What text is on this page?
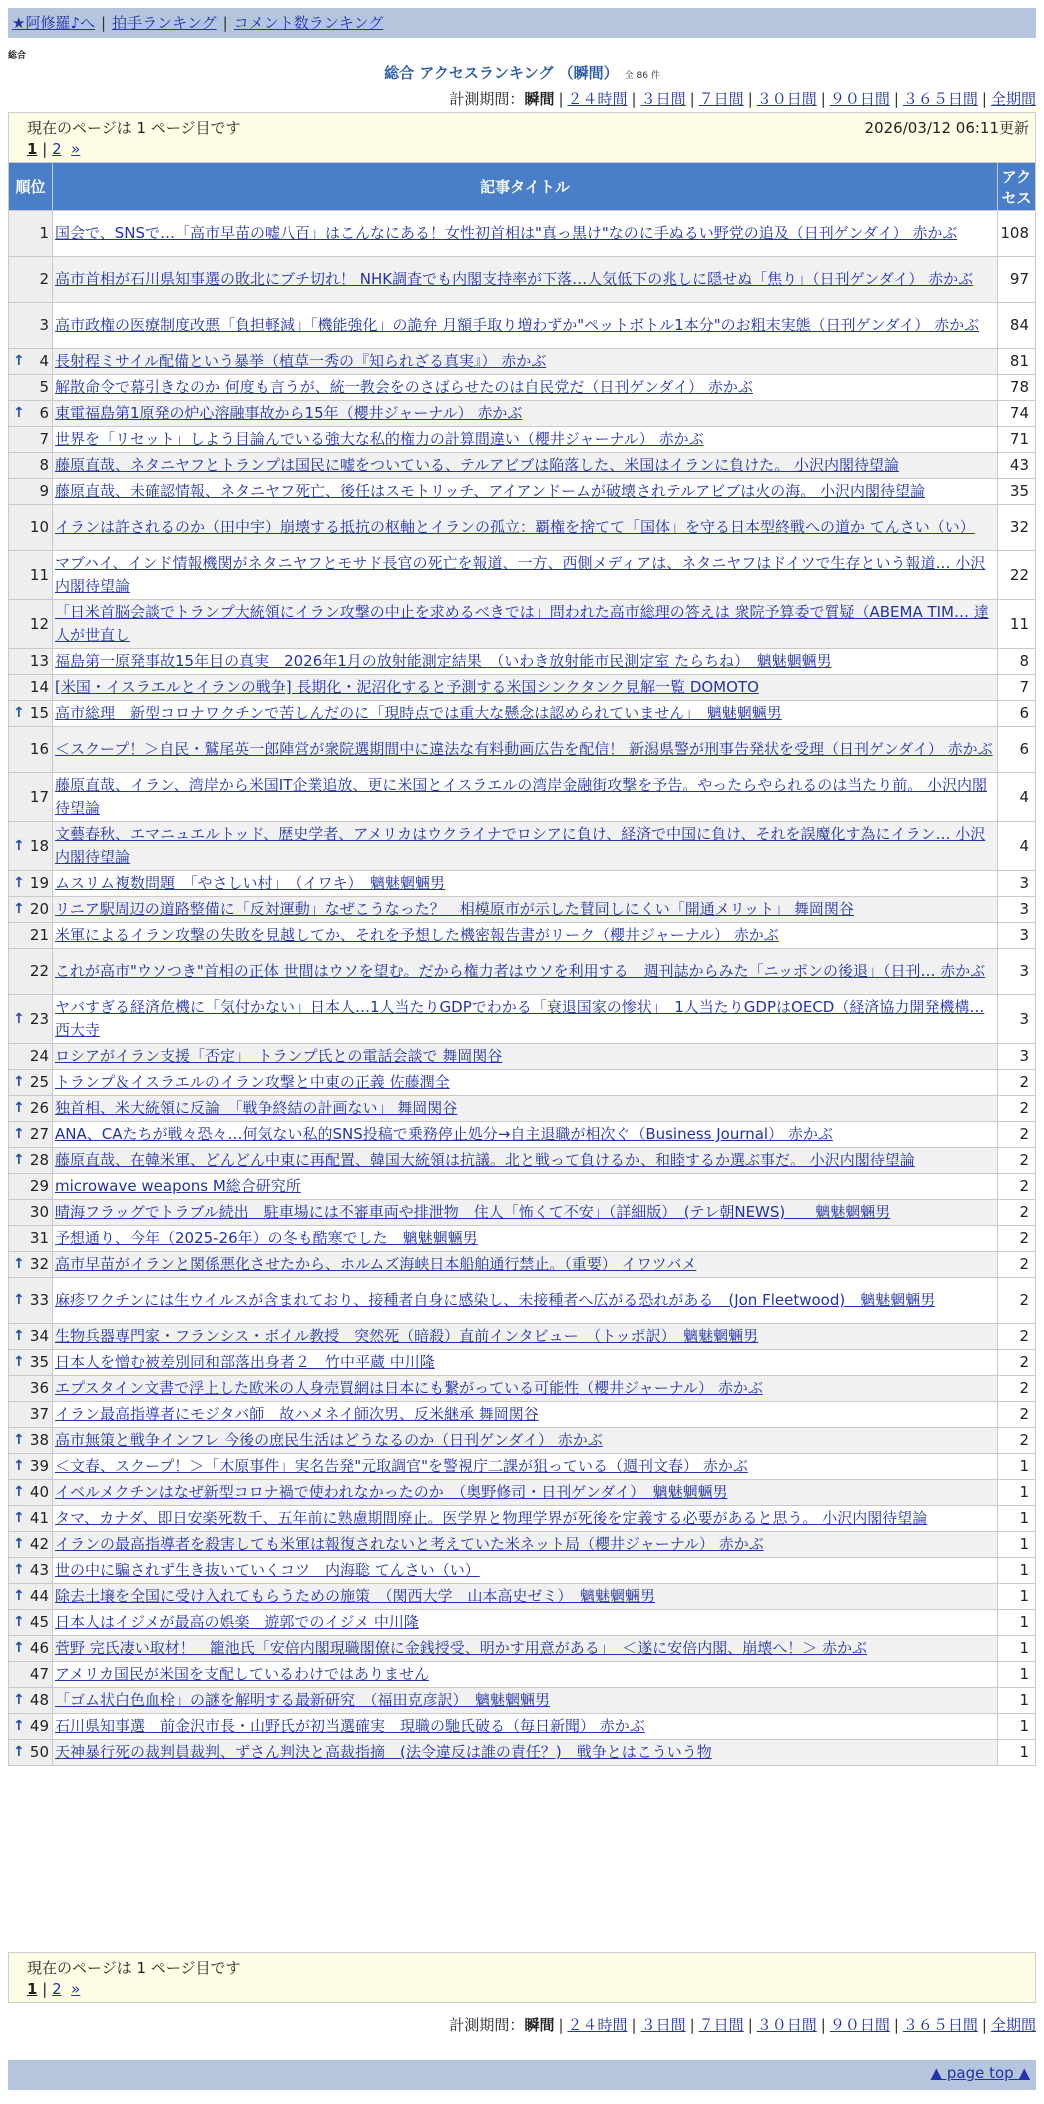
★阿修羅♪へ | 拍手ランキング | コメント数ランキング
総合
総合 アクセスランキング （瞬間） 全 86 件
計測期間：瞬間 | ２４時間 | ３日間 | ７日間 | ３０日間 | ９０日間 | ３６５日間 | 全期間
現在のページは 1 ページ目です
1 | 2 »
2026/03/12 06:11更新
順位	記事タイトル	アクセス
1	国会で、SNSで…「高市早苗の嘘八百」はこんなにある！女性初首相は"真っ黒け"なのに手ぬるい野党の追及（日刊ゲンダイ） 赤かぶ	108
2	高市首相が石川県知事選の敗北にブチ切れ！ NHK調査でも内閣支持率が下落…人気低下の兆しに隠せぬ「焦り」（日刊ゲンダイ） 赤かぶ	97
3	高市政権の医療制度改悪「負担軽減」「機能強化」の詭弁 月額手取り増わずか"ペットボトル1本分"のお粗末実態（日刊ゲンダイ） 赤かぶ	84

↑ 4	長射程ミサイル配備という暴挙（植草一秀の『知られざる真実』） 赤かぶ	81
5	解散命令で幕引きなのか 何度も言うが、統一教会をのさばらせたのは自民党だ（日刊ゲンダイ） 赤かぶ	78

↑ 6	東電福島第1原発の炉心溶融事故から15年（櫻井ジャーナル） 赤かぶ	74
7	世界を「リセット」しよう目論んでいる強大な私的権力の計算間違い（櫻井ジャーナル） 赤かぶ	71
8	藤原直哉、ネタニヤフとトランプは国民に嘘をついている、テルアビブは陥落した、米国はイランに負けた。 小沢内閣待望論	43
9	藤原直哉、未確認情報、ネタニヤフ死亡、後任はスモトリッチ、アイアンドームが破壊されテルアビブは火の海。 小沢内閣待望論	35
10	イランは許されるのか（田中宇）崩壊する抵抗の枢軸とイランの孤立：覇権を捨てて「国体」を守る日本型終戦への道か てんさい（い）	32
11	マブハイ、インド情報機関がネタニヤフとモサド長官の死亡を報道、一方、西側メディアは、ネタニヤフはドイツで生存という報道… 小沢内閣待望論	22
12	「日米首脳会談でトランプ大統領にイラン攻撃の中止を求めるべきでは」問われた高市総理の答えは 衆院予算委で質疑（ABEMA TIM… 達人が世直し	11
13	福島第一原発事故15年目の真実　2026年1月の放射能測定結果　（いわき放射能市民測定室 たらちね）　魑魅魍魎男	8
14	[米国・イスラエルとイランの戦争] 長期化・泥沼化すると予測する米国シンクタンク見解一覧 DOMOTO	7

↑ 15	高市総理　新型コロナワクチンで苦しんだのに「現時点では重大な懸念は認められていません」　魑魅魍魎男	6
16	＜スクープ！＞自民・鷲尾英一郎陣営が衆院選期間中に違法な有料動画広告を配信！ 新潟県警が刑事告発状を受理（日刊ゲンダイ） 赤かぶ	6
17	藤原直哉、イラン、湾岸から米国IT企業追放、更に米国とイスラエルの湾岸金融街攻撃を予告。やったらやられるのは当たり前。 小沢内閣待望論	4

↑ 18	文藝春秋、エマニュエルトッド、歴史学者、アメリカはウクライナでロシアに負け、経済で中国に負け、それを誤魔化す為にイラン… 小沢内閣待望論	4

↑ 19	ムスリム複数問題　「やさしい村」　（イワキ）　魑魅魍魎男	3

↑ 20	リニア駅周辺の道路整備に「反対運動」なぜこうなった？　相模原市が示した賛同しにくい「開通メリット」 舞岡関谷	3
21	米軍によるイラン攻撃の失敗を見越してか、それを予想した機密報告書がリーク（櫻井ジャーナル） 赤かぶ	3
22	これが高市"ウソつき"首相の正体 世間はウソを望む。だから権力者はウソを利用する　週刊誌からみた「ニッポンの後退」（日刊… 赤かぶ	3

↑ 23	ヤバすぎる経済危機に「気付かない」日本人…1人当たりGDPでわかる「衰退国家の惨状」　1人当たりGDPはOECD（経済協力開発機構… 西大寺	3
24	ロシアがイラン支援「否定」　トランプ氏との電話会談で 舞岡関谷	3

↑ 25	トランプ＆イスラエルのイラン攻撃と中東の正義 佐藤潤全	2

↑ 26	独首相、米大統領に反論　「戦争終結の計画ない」 舞岡関谷	2

↑ 27	ANA、CAたちが戦々恐々…何気ない私的SNS投稿で乗務停止処分→自主退職が相次ぐ（Business Journal） 赤かぶ	2

↑ 28	藤原直哉、在韓米軍、どんどん中東に再配置、韓国大統領は抗議。北と戦って負けるか、和睦するか選ぶ事だ。 小沢内閣待望論	2
29	microwave weapons M総合研究所	2
30	晴海フラッグでトラブル続出　駐車場には不審車両や排泄物　住人「怖くて不安」（詳細版）　(テレ朝NEWS)　　魑魅魍魎男	2
31	予想通り、今年（2025-26年）の冬も酷寒でした　魑魅魍魎男	2

↑ 32	高市早苗がイランと関係悪化させたから、ホルムズ海峡日本船舶通行禁止。（重要） イワツバメ	2

↑ 33	麻疹ワクチンには生ウイルスが含まれており、接種者自身に感染し、未接種者へ広がる恐れがある　(Jon Fleetwood)　魑魅魍魎男	2

↑ 34	生物兵器専門家・フランシス・ボイル教授　突然死（暗殺）直前インタビュー　（トッポ訳）　魑魅魍魎男	2

↑ 35	日本人を憎む被差別同和部落出身者２＿竹中平蔵 中川隆	2
36	エプスタイン文書で浮上した欧米の人身売買網は日本にも繋がっている可能性（櫻井ジャーナル） 赤かぶ	2
37	イラン最高指導者にモジタバ師　故ハメネイ師次男、反米継承 舞岡関谷	2

↑ 38	高市無策と戦争インフレ 今後の庶民生活はどうなるのか（日刊ゲンダイ） 赤かぶ	2

↑ 39	＜文春、スクープ！＞「木原事件」実名告発"元取調官"を警視庁二課が狙っている（週刊文春） 赤かぶ	1

↑ 40	イベルメクチンはなぜ新型コロナ禍で使われなかったのか　（奥野修司・日刊ゲンダイ）　魑魅魍魎男	1

↑ 41	タマ、カナダ、即日安楽死数千、五年前に熟慮期間廃止。医学界と物理学界が死後を定義する必要があると思う。 小沢内閣待望論	1

↑ 42	イランの最高指導者を殺害しても米軍は報復されないと考えていた米ネット局（櫻井ジャーナル） 赤かぶ	1

↑ 43	世の中に騙されず生き抜いていくコツ　内海聡 てんさい（い）	1

↑ 44	除去土壌を全国に受け入れてもらうための施策　（関西大学　山本高史ゼミ）　魑魅魍魎男	1

↑ 45	日本人はイジメが最高の娯楽＿遊郭でのイジメ 中川隆	1

↑ 46	菅野 完氏凄い取材！　籠池氏「安倍内閣現職閣僚に金銭授受、明かす用意がある」　＜遂に安倍内閣、崩壊へ！＞ 赤かぶ	1
47	アメリカ国民が米国を支配しているわけではありません	1

↑ 48	「ゴム状白色血栓」の謎を解明する最新研究　（福田克彦訳）　魑魅魍魎男	1

↑ 49	石川県知事選　前金沢市長・山野氏が初当選確実　現職の馳氏破る（毎日新聞） 赤かぶ	1

↑ 50	天神暴行死の裁判員裁判、ずさん判決と高裁指摘　(法令違反は誰の責任？)　戦争とはこういう物	1
現在のページは 1 ページ目です
1 | 2 »
計測期間：瞬間 | ２４時間 | ３日間 | ７日間 | ３０日間 | ９０日間 | ３６５日間 | 全期間
▲ page top ▲
